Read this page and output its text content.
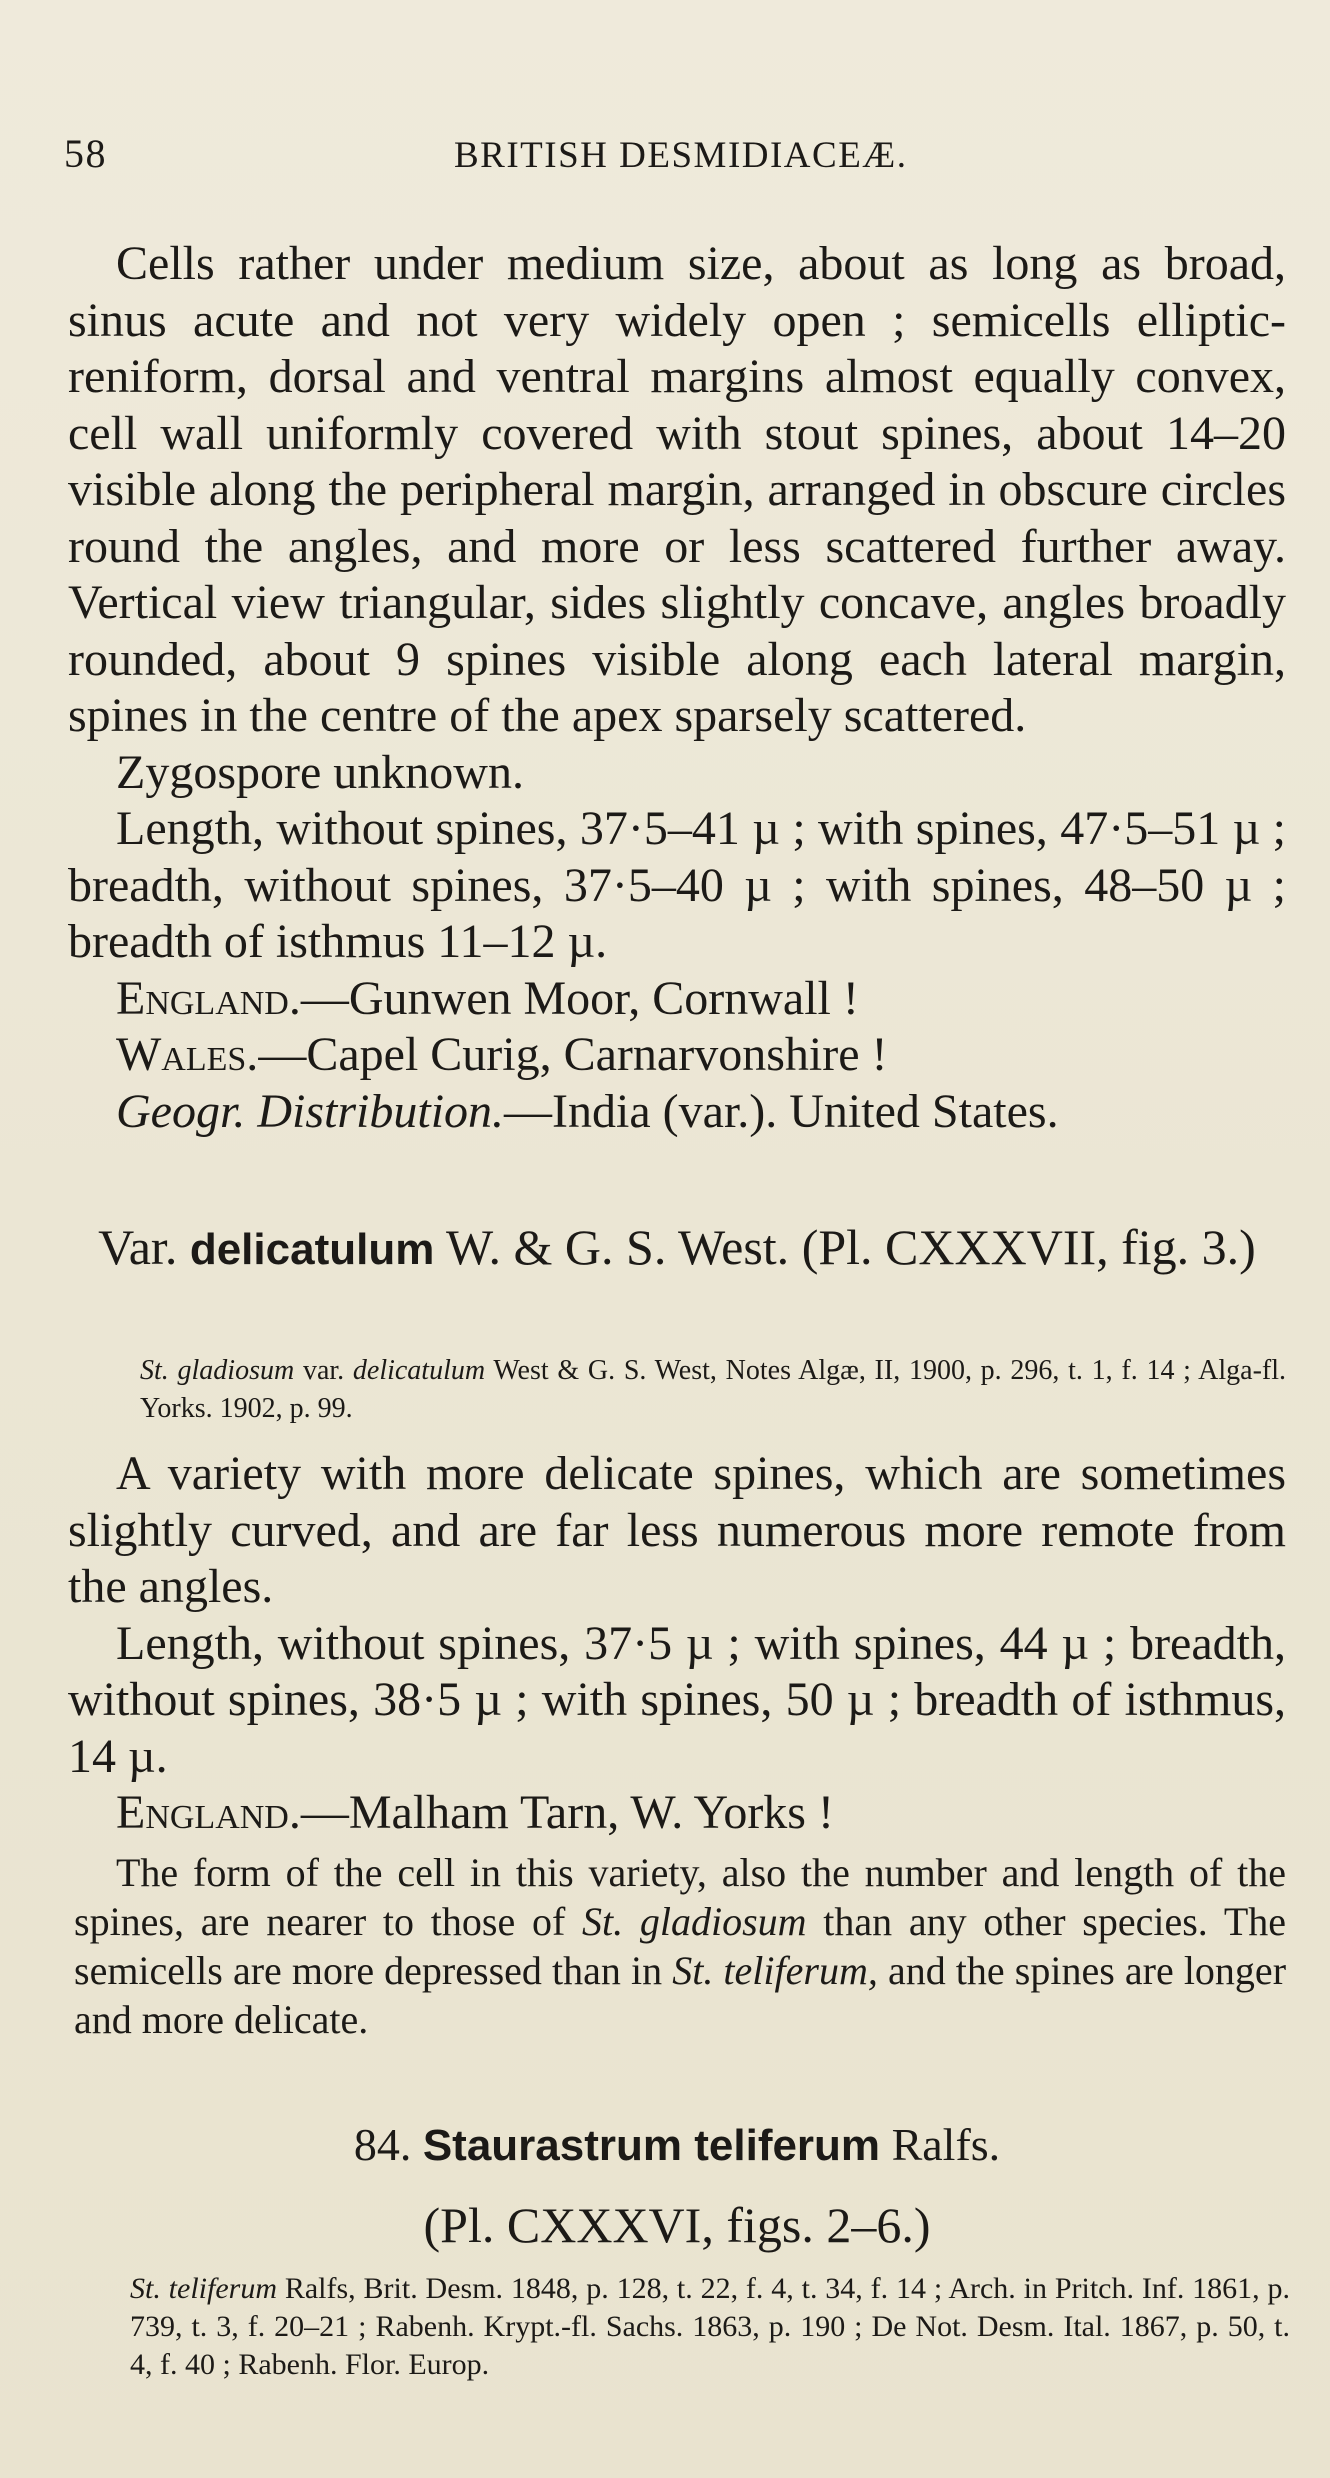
58	BRITISH DESMIDIACEÆ.

Cells rather under medium size, about as long as broad, sinus acute and not very widely open ; semicells elliptic-reniform, dorsal and ventral margins almost equally convex, cell wall uniformly covered with stout spines, about 14–20 visible along the peripheral margin, arranged in obscure circles round the angles, and more or less scattered further away. Vertical view triangular, sides slightly concave, angles broadly rounded, about 9 spines visible along each lateral margin, spines in the centre of the apex sparsely scattered.

Zygospore unknown.

Length, without spines, 37·5–41 µ ; with spines, 47·5–51 µ ; breadth, without spines, 37·5–40 µ ; with spines, 48–50 µ ; breadth of isthmus 11–12 µ.

England.—Gunwen Moor, Cornwall !

Wales.—Capel Curig, Carnarvonshire !

Geogr. Distribution.—India (var.). United States.

Var. delicatulum W. & G. S. West. (Pl. CXXXVII, fig. 3.)
St. gladiosum var. delicatulum West & G. S. West, Notes Algæ, II, 1900, p. 296, t. 1, f. 14 ; Alga-fl. Yorks. 1902, p. 99.

A variety with more delicate spines, which are sometimes slightly curved, and are far less numerous more remote from the angles.

Length, without spines, 37·5 µ ; with spines, 44 µ ; breadth, without spines, 38·5 µ ; with spines, 50 µ ; breadth of isthmus, 14 µ.

England.—Malham Tarn, W. Yorks !

The form of the cell in this variety, also the number and length of the spines, are nearer to those of St. gladiosum than any other species. The semicells are more depressed than in St. teliferum, and the spines are longer and more delicate.

84. Staurastrum teliferum Ralfs.
(Pl. CXXXVI, figs. 2–6.)
St. teliferum Ralfs, Brit. Desm. 1848, p. 128, t. 22, f. 4, t. 34, f. 14 ; Arch. in Pritch. Inf. 1861, p. 739, t. 3, f. 20–21 ; Rabenh. Krypt.-fl. Sachs. 1863, p. 190 ; De Not. Desm. Ital. 1867, p. 50, t. 4, f. 40 ; Rabenh. Flor. Europ.
